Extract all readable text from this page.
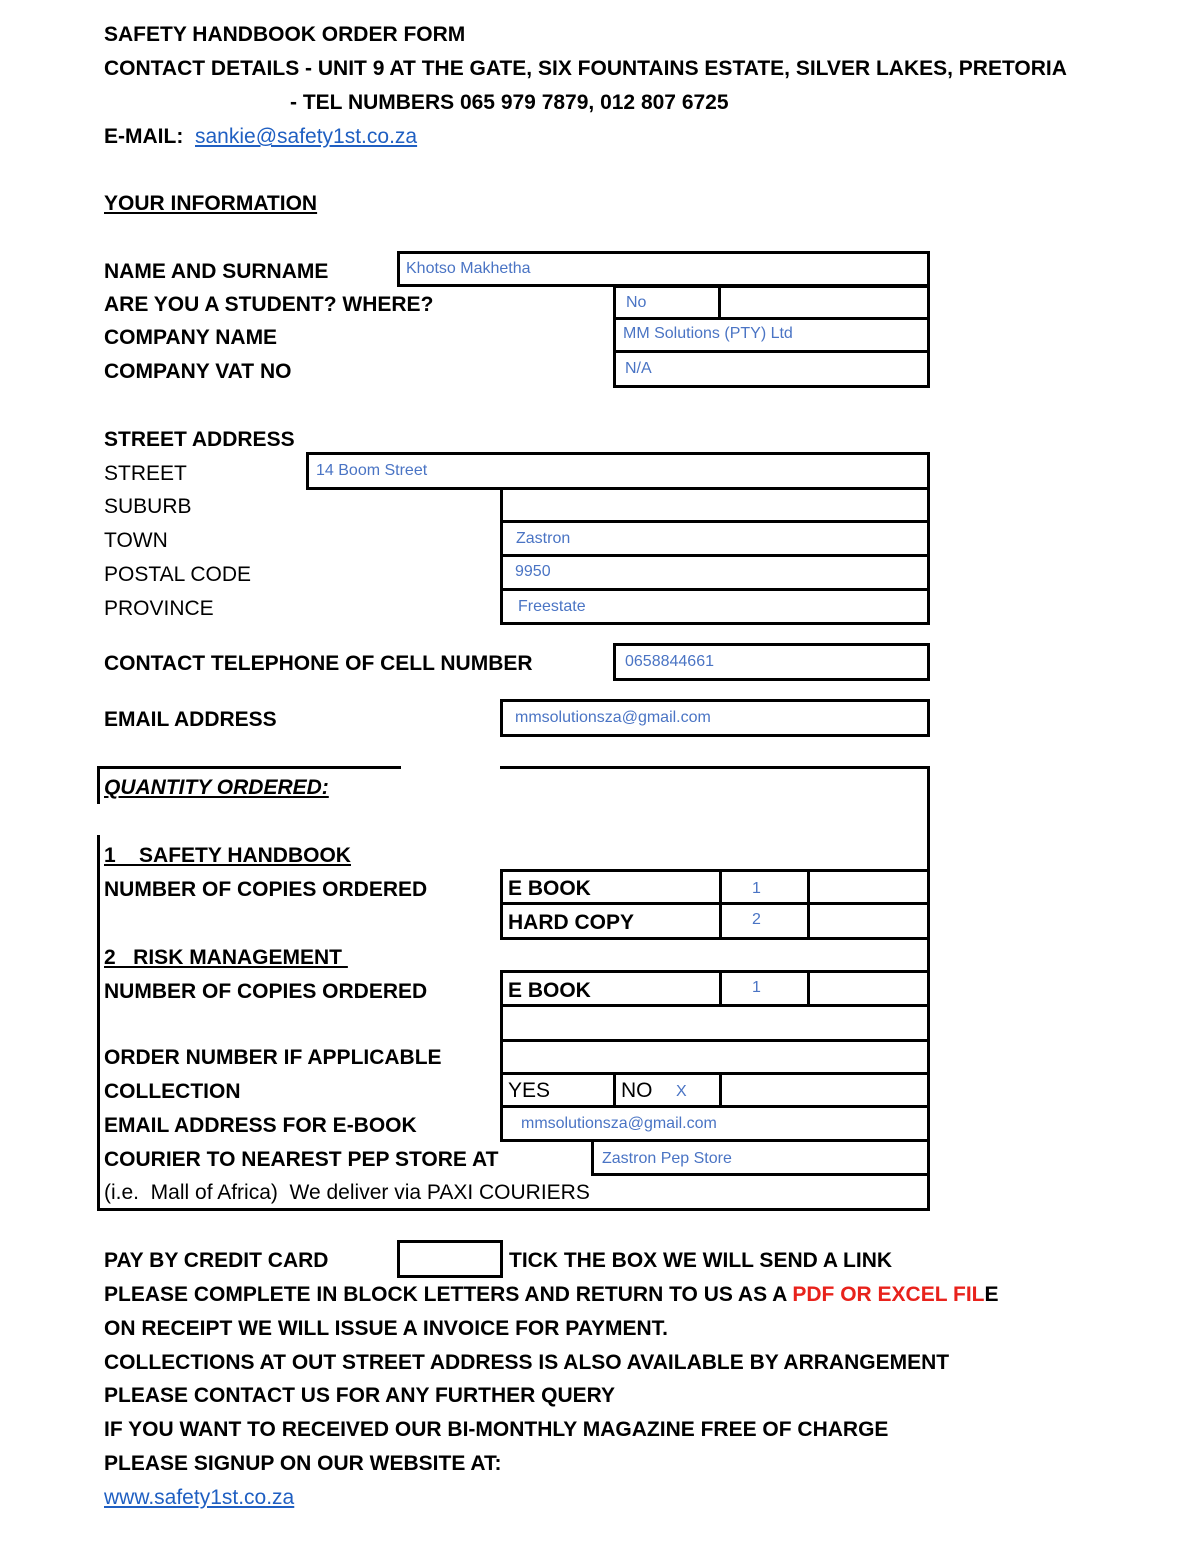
SAFETY HANDBOOK ORDER FORM
CONTACT DETAILS - UNIT 9 AT THE GATE, SIX FOUNTAINS ESTATE, SILVER LAKES, PRETORIA
- TEL NUMBERS 065 979 7879, 012 807 6725
E-MAIL: sankie@safety1st.co.za
YOUR INFORMATION
NAME AND SURNAME	Khotso Makhetha
ARE YOU A STUDENT? WHERE?	No
COMPANY NAME	MM Solutions (PTY) Ltd
COMPANY VAT NO	N/A
STREET ADDRESS
STREET	14 Boom Street
SUBURB
TOWN	Zastron
POSTAL CODE	9950
PROVINCE	Freestate
CONTACT TELEPHONE OF CELL NUMBER	0658844661
EMAIL ADDRESS	mmsolutionsza@gmail.com
QUANTITY ORDERED:
1    SAFETY HANDBOOK
NUMBER OF COPIES ORDERED	E BOOK	1
HARD COPY	2
2   RISK MANAGEMENT
NUMBER OF COPIES ORDERED	E BOOK	1
ORDER NUMBER IF APPLICABLE
COLLECTION	YES	NO X
EMAIL ADDRESS FOR E-BOOK	mmsolutionsza@gmail.com
COURIER TO NEAREST PEP STORE AT	Zastron Pep Store
(i.e.  Mall of Africa)  We deliver via PAXI COURIERS
PAY BY CREDIT CARD	TICK THE BOX WE WILL SEND A LINK
PLEASE COMPLETE IN BLOCK LETTERS AND RETURN TO US AS A PDF OR EXCEL FILE
ON RECEIPT WE WILL ISSUE A INVOICE FOR PAYMENT.
COLLECTIONS AT OUT STREET ADDRESS IS ALSO AVAILABLE BY ARRANGEMENT
PLEASE CONTACT US FOR ANY FURTHER QUERY
IF YOU WANT TO RECEIVED OUR BI-MONTHLY MAGAZINE FREE OF CHARGE
PLEASE SIGNUP ON OUR WEBSITE AT:
www.safety1st.co.za
